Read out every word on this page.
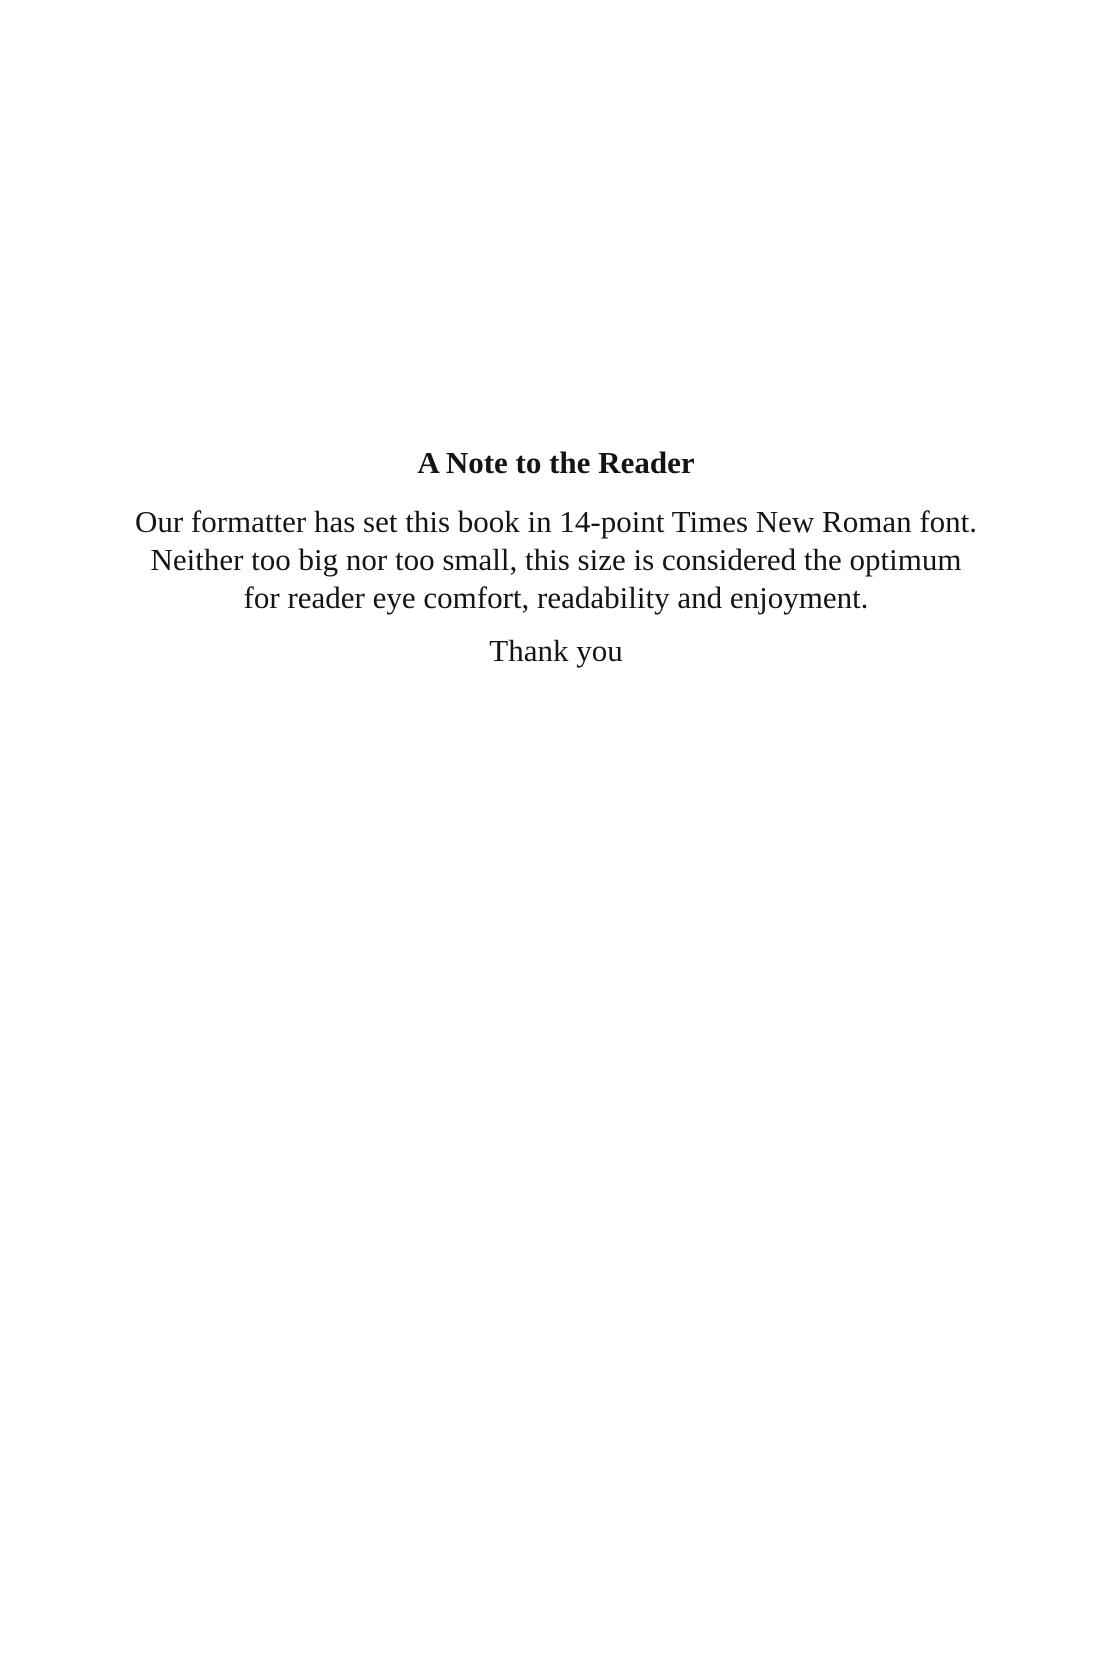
A Note to the Reader
Our formatter has set this book in 14-point Times New Roman font.
Neither too big nor too small, this size is considered the optimum
for reader eye comfort, readability and enjoyment.

Thank you
